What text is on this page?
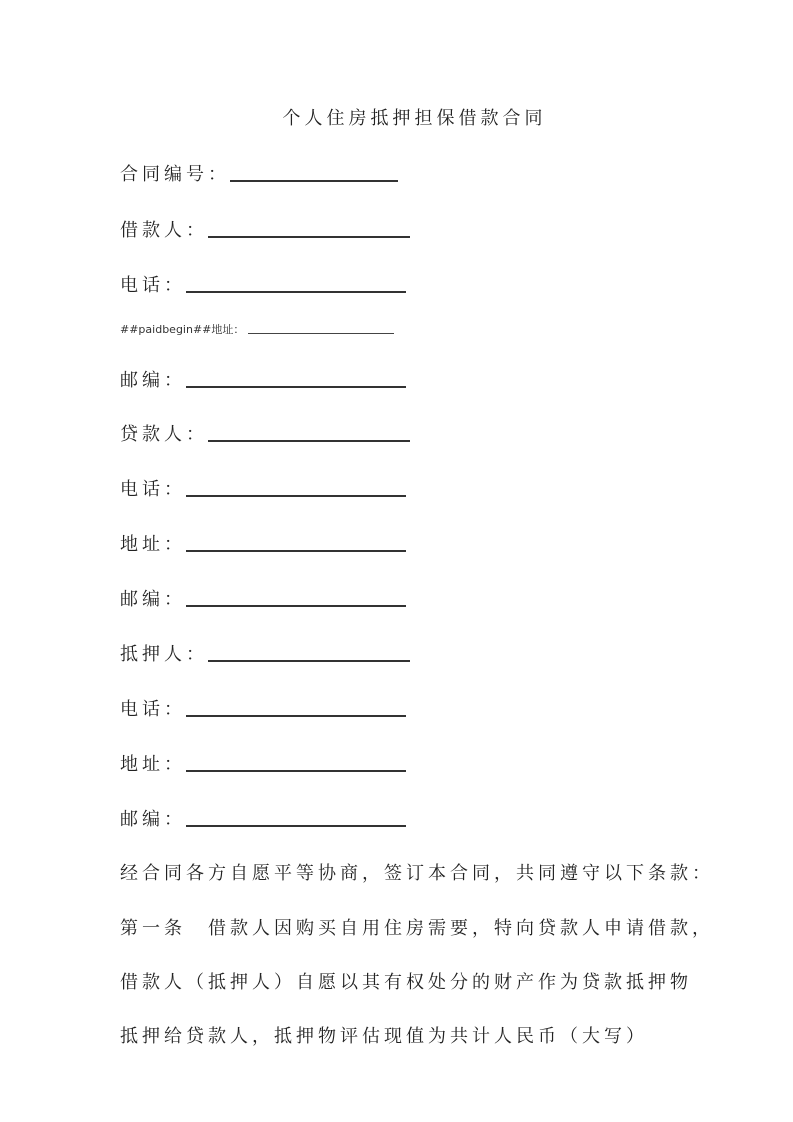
个人住房抵押担保借款合同
合同编号：
借款人：
电话：
##paidbegin##地址：
邮编：
贷款人：
电话：
地址：
邮编：
抵押人：
电话：
地址：
邮编：
经合同各方自愿平等协商，签订本合同，共同遵守以下条款：
第一条　借款人因购买自用住房需要，特向贷款人申请借款，
借款人（抵押人）自愿以其有权处分的财产作为贷款抵押物
抵押给贷款人，抵押物评估现值为共计人民币（大写）
